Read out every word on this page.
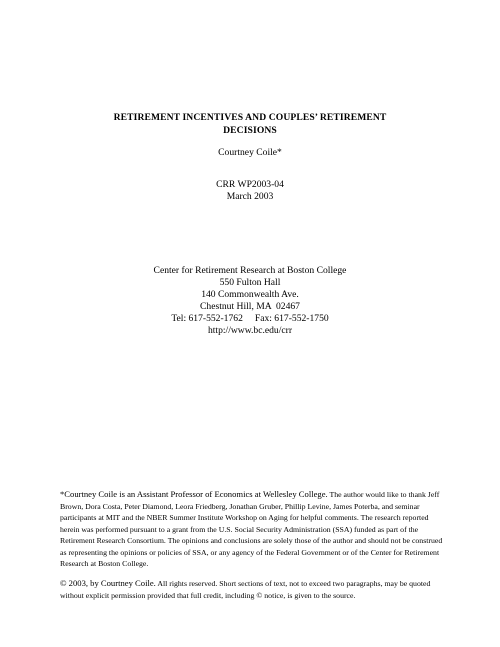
RETIREMENT INCENTIVES AND COUPLES’ RETIREMENT
DECISIONS
Courtney Coile*
CRR WP2003-04
March 2003
Center for Retirement Research at Boston College
550 Fulton Hall
140 Commonwealth Ave.
Chestnut Hill, MA  02467
Tel: 617-552-1762     Fax: 617-552-1750
http://www.bc.edu/crr
*Courtney Coile is an Assistant Professor of Economics at Wellesley College. The author would like to thank Jeff Brown, Dora Costa, Peter Diamond, Leora Friedberg, Jonathan Gruber, Phillip Levine, James Poterba, and seminar participants at MIT and the NBER Summer Institute Workshop on Aging for helpful comments. The research reported herein was performed pursuant to a grant from the U.S. Social Security Administration (SSA) funded as part of the Retirement Research Consortium. The opinions and conclusions are solely those of the author and should not be construed as representing the opinions or policies of SSA, or any agency of the Federal Government or of the Center for Retirement Research at Boston College.
© 2003, by Courtney Coile. All rights reserved. Short sections of text, not to exceed two paragraphs, may be quoted without explicit permission provided that full credit, including © notice, is given to the source.
